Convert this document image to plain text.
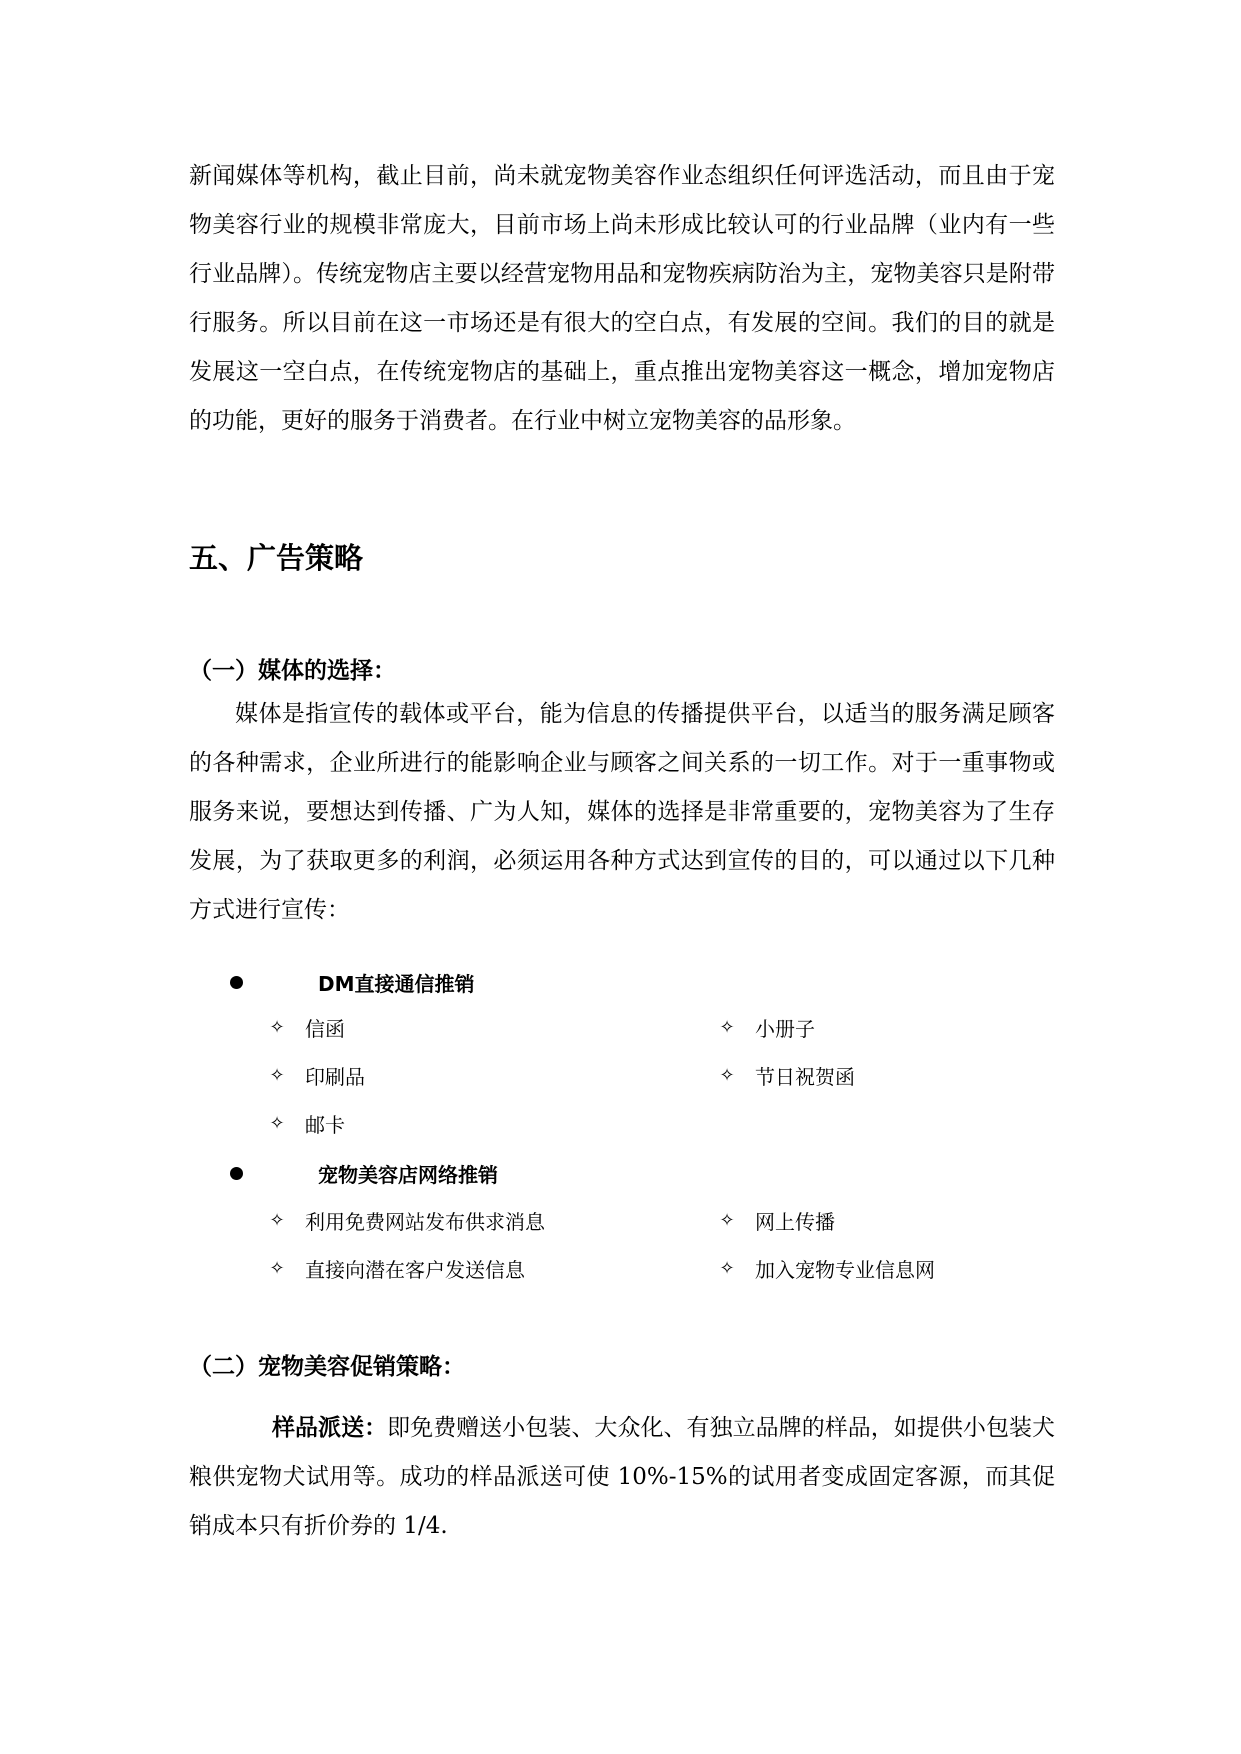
新闻媒体等机构，截止目前，尚未就宠物美容作业态组织任何评选活动，而且由于宠物美容行业的规模非常庞大，目前市场上尚未形成比较认可的行业品牌（业内有一些行业品牌）。传统宠物店主要以经营宠物用品和宠物疾病防治为主，宠物美容只是附带行服务。所以目前在这一市场还是有很大的空白点，有发展的空间。我们的目的就是发展这一空白点，在传统宠物店的基础上，重点推出宠物美容这一概念，增加宠物店的功能，更好的服务于消费者。在行业中树立宠物美容的品形象。

五、广告策略
（一）媒体的选择：

媒体是指宣传的载体或平台，能为信息的传播提供平台，以适当的服务满足顾客的各种需求，企业所进行的能影响企业与顾客之间关系的一切工作。对于一重事物或服务来说，要想达到传播、广为人知，媒体的选择是非常重要的，宠物美容为了生存发展，为了获取更多的利润，必须运用各种方式达到宣传的目的，可以通过以下几种方式进行宣传：

DM直接通信推销
✧ 信函	✧ 小册子
✧ 印刷品	✧ 节日祝贺函
✧ 邮卡
宠物美容店网络推销
✧ 利用免费网站发布供求消息	✧ 网上传播
✧ 直接向潜在客户发送信息	✧ 加入宠物专业信息网
（二）宠物美容促销策略：

样品派送：即免费赠送小包装、大众化、有独立品牌的样品，如提供小包装犬粮供宠物犬试用等。成功的样品派送可使 10%-15%的试用者变成固定客源，而其促销成本只有折价券的 1/4.
